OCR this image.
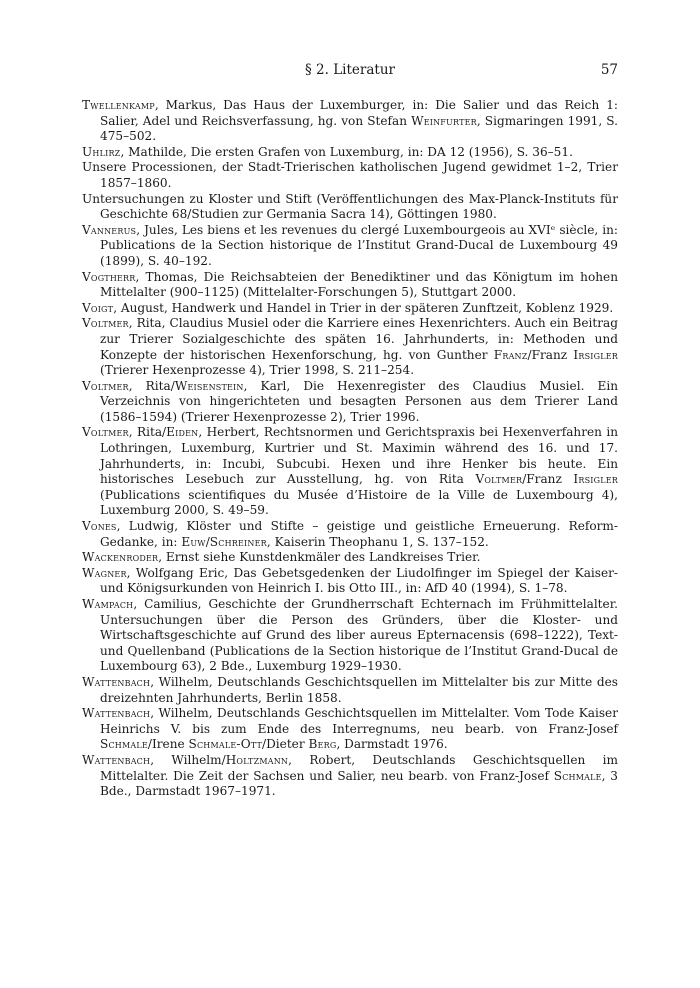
§ 2. Literatur	57

Twellenkamp, Markus, Das Haus der Luxemburger, in: Die Salier und das Reich 1: Salier, Adel und Reichsverfassung, hg. von Stefan Weinfurter, Sigmaringen 1991, S. 475–502.

Uhlirz, Mathilde, Die ersten Grafen von Luxemburg, in: DA 12 (1956), S. 36–51.

Unsere Processionen, der Stadt-Trierischen katholischen Jugend gewidmet 1–2, Trier 1857–1860.

Untersuchungen zu Kloster und Stift (Veröffentlichungen des Max-Planck-Instituts für Geschichte 68/Studien zur Germania Sacra 14), Göttingen 1980.

Vannerus, Jules, Les biens et les revenues du clergé Luxembourgeois au XVIᵉ siècle, in: Publications de la Section historique de l’Institut Grand-Ducal de Luxembourg 49 (1899), S. 40–192.

Vogtherr, Thomas, Die Reichsabteien der Benediktiner und das Königtum im hohen Mittelalter (900–1125) (Mittelalter-Forschungen 5), Stuttgart 2000.

Voigt, August, Handwerk und Handel in Trier in der späteren Zunftzeit, Koblenz 1929.

Voltmer, Rita, Claudius Musiel oder die Karriere eines Hexenrichters. Auch ein Beitrag zur Trierer Sozialgeschichte des späten 16. Jahrhunderts, in: Methoden und Konzepte der historischen Hexenforschung, hg. von Gunther Franz/Franz Irsigler (Trierer Hexenprozesse 4), Trier 1998, S. 211–254.

Voltmer, Rita/Weisenstein, Karl, Die Hexenregister des Claudius Musiel. Ein Verzeichnis von hingerichteten und besagten Personen aus dem Trierer Land (1586–1594) (Trierer Hexenprozesse 2), Trier 1996.

Voltmer, Rita/Eiden, Herbert, Rechtsnormen und Gerichtspraxis bei Hexenverfahren in Lothringen, Luxemburg, Kurtrier und St. Maximin während des 16. und 17. Jahrhunderts, in: Incubi, Subcubi. Hexen und ihre Henker bis heute. Ein historisches Lesebuch zur Ausstellung, hg. von Rita Voltmer/Franz Irsigler (Publications scientifiques du Musée d’Histoire de la Ville de Luxembourg 4), Luxemburg 2000, S. 49–59.

Vones, Ludwig, Klöster und Stifte – geistige und geistliche Erneuerung. Reform-Gedanke, in: Euw/Schreiner, Kaiserin Theophanu 1, S. 137–152.

Wackenroder, Ernst siehe Kunstdenkmäler des Landkreises Trier.

Wagner, Wolfgang Eric, Das Gebetsgedenken der Liudolfinger im Spiegel der Kaiser- und Königsurkunden von Heinrich I. bis Otto III., in: AfD 40 (1994), S. 1–78.

Wampach, Camilius, Geschichte der Grundherrschaft Echternach im Frühmittelalter. Untersuchungen über die Person des Gründers, über die Kloster- und Wirtschaftsgeschichte auf Grund des liber aureus Epternacensis (698–1222), Text- und Quellenband (Publications de la Section historique de l’Institut Grand-Ducal de Luxembourg 63), 2 Bde., Luxemburg 1929–1930.

Wattenbach, Wilhelm, Deutschlands Geschichtsquellen im Mittelalter bis zur Mitte des dreizehnten Jahrhunderts, Berlin 1858.

Wattenbach, Wilhelm, Deutschlands Geschichtsquellen im Mittelalter. Vom Tode Kaiser Heinrichs V. bis zum Ende des Interregnums, neu bearb. von Franz-Josef Schmale/Irene Schmale-Ott/Dieter Berg, Darmstadt 1976.

Wattenbach, Wilhelm/Holtzmann, Robert, Deutschlands Geschichtsquellen im Mittelalter. Die Zeit der Sachsen und Salier, neu bearb. von Franz-Josef Schmale, 3 Bde., Darmstadt 1967–1971.
